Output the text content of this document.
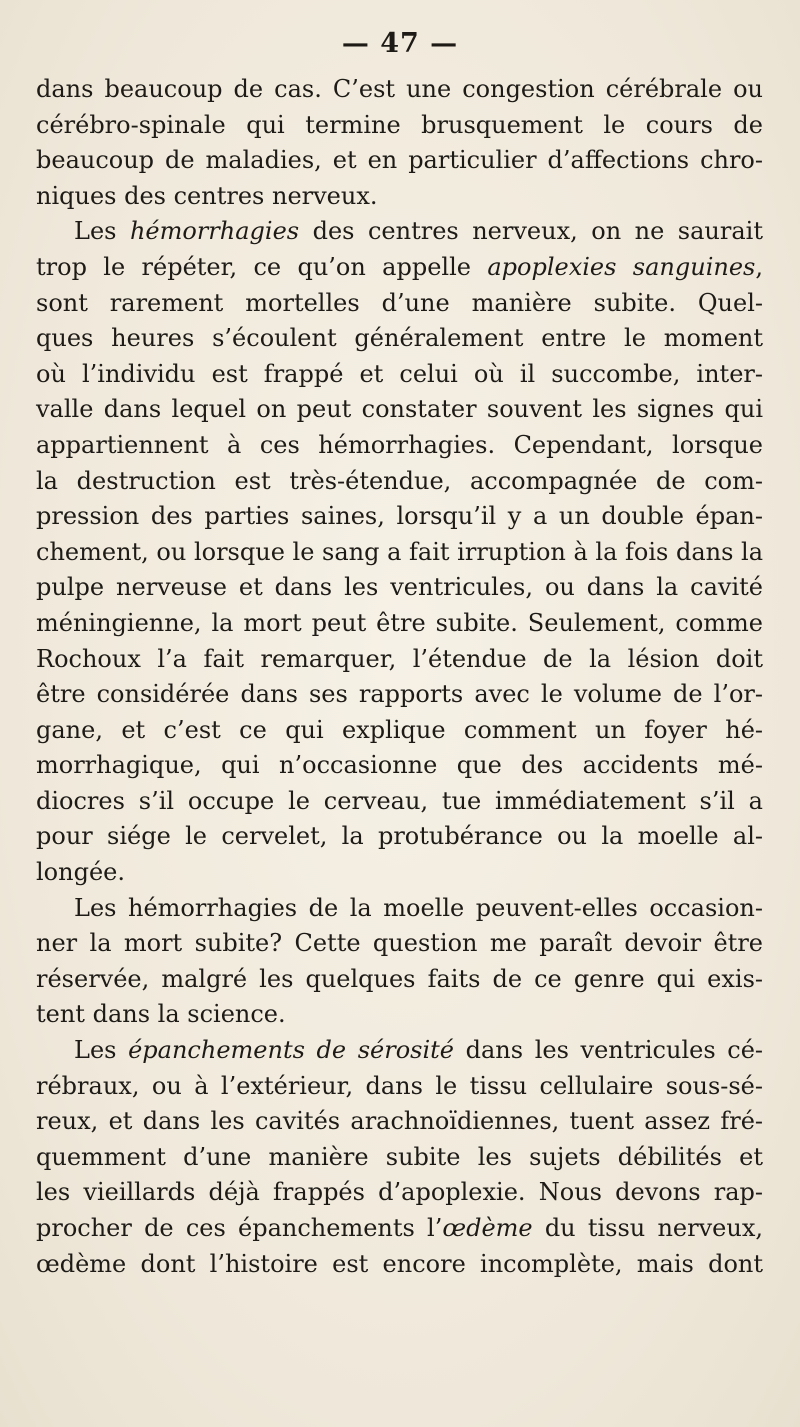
— 47 —
dans beaucoup de cas. C’est une congestion cérébrale ou
cérébro-spinale qui termine brusquement le cours de
beaucoup de maladies, et en particulier d’affections chro-
niques des centres nerveux.
Les hémorrhagies des centres nerveux, on ne saurait
trop le répéter, ce qu’on appelle apoplexies sanguines,
sont rarement mortelles d’une manière subite. Quel-
ques heures s’écoulent généralement entre le moment
où l’individu est frappé et celui où il succombe, inter-
valle dans lequel on peut constater souvent les signes qui
appartiennent à ces hémorrhagies. Cependant, lorsque
la destruction est très-étendue, accompagnée de com-
pression des parties saines, lorsqu’il y a un double épan-
chement, ou lorsque le sang a fait irruption à la fois dans la
pulpe nerveuse et dans les ventricules, ou dans la cavité
méningienne, la mort peut être subite. Seulement, comme
Rochoux l’a fait remarquer, l’étendue de la lésion doit
être considérée dans ses rapports avec le volume de l’or-
gane, et c’est ce qui explique comment un foyer hé-
morrhagique, qui n’occasionne que des accidents mé-
diocres s’il occupe le cerveau, tue immédiatement s’il a
pour siége le cervelet, la protubérance ou la moelle al-
longée.
Les hémorrhagies de la moelle peuvent-elles occasion-
ner la mort subite? Cette question me paraît devoir être
réservée, malgré les quelques faits de ce genre qui exis-
tent dans la science.
Les épanchements de sérosité dans les ventricules cé-
rébraux, ou à l’extérieur, dans le tissu cellulaire sous-sé-
reux, et dans les cavités arachnoïdiennes, tuent assez fré-
quemment d’une manière subite les sujets débilités et
les vieillards déjà frappés d’apoplexie. Nous devons rap-
procher de ces épanchements l’œdème du tissu nerveux,
œdème dont l’histoire est encore incomplète, mais dont
